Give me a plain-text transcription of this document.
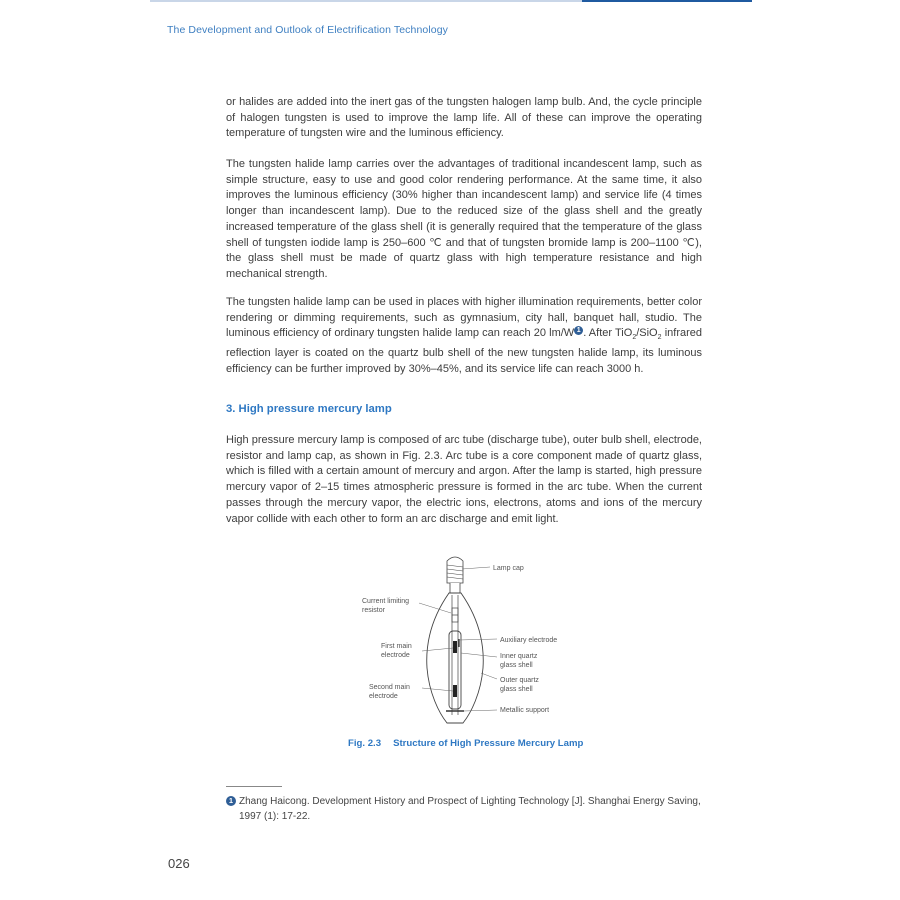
The Development and Outlook of Electrification Technology

or halides are added into the inert gas of the tungsten halogen lamp bulb. And, the cycle principle of halogen tungsten is used to improve the lamp life. All of these can improve the operating temperature of tungsten wire and the luminous efficiency.

The tungsten halide lamp carries over the advantages of traditional incandescent lamp, such as simple structure, easy to use and good color rendering performance. At the same time, it also improves the luminous efficiency (30% higher than incandescent lamp) and service life (4 times longer than incandescent lamp). Due to the reduced size of the glass shell and the greatly increased temperature of the glass shell (it is generally required that the temperature of the glass shell of tungsten iodide lamp is 250–600 ℃ and that of tungsten bromide lamp is 200–1100 ℃), the glass shell must be made of quartz glass with high temperature resistance and high mechanical strength.

The tungsten halide lamp can be used in places with higher illumination requirements, better color rendering or dimming requirements, such as gymnasium, city hall, banquet hall, studio. The luminous efficiency of ordinary tungsten halide lamp can reach 20 lm/W $^1$ . After TiO$_2$/SiO$_2$ infrared reflection layer is coated on the quartz bulb shell of the new tungsten halide lamp, its luminous efficiency can be further improved by 30%–45%, and its service life can reach 3000 h.

3. High pressure mercury lamp

High pressure mercury lamp is composed of arc tube (discharge tube), outer bulb shell, electrode, resistor and lamp cap, as shown in Fig. 2.3. Arc tube is a core component made of quartz glass, which is filled with a certain amount of mercury and argon. After the lamp is started, high pressure mercury vapor of 2–15 times atmospheric pressure is formed in the arc tube. When the current passes through the mercury vapor, the electric ions, electrons, atoms and ions of the mercury vapor collide with each other to form an arc discharge and emit light.

Lamp cap
Current limiting
resistor
Auxiliary electrode
First main
electrode	Inner quartz
glass shell
Outer quartz
glass shell
Second main
electrode
Metallic support
Fig. 2.3 Structure of High Pressure Mercury Lamp
1 Zhang Haicong. Development History and Prospect of Lighting Technology [J]. Shanghai Energy Saving,
1997 (1): 17-22.
026
